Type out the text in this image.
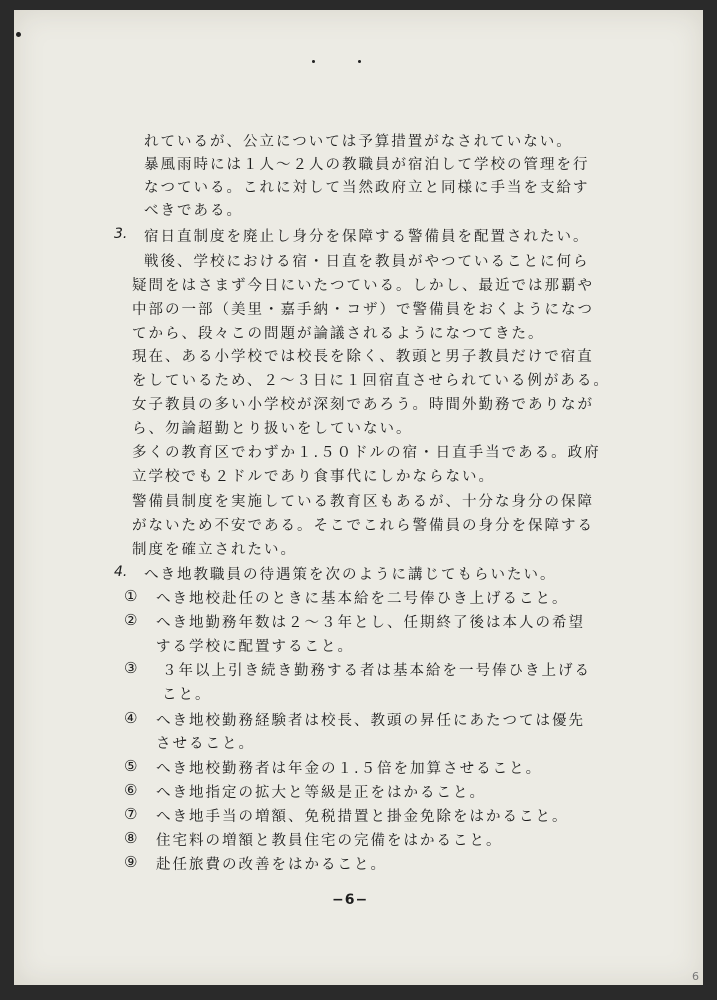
れているが、公立については予算措置がなされていない。
暴風雨時には１人～２人の教職員が宿泊して学校の管理を行
なつている。これに対して当然政府立と同様に手当を支給す
べきである。
3. 宿日直制度を廃止し身分を保障する警備員を配置されたい。
戦後、学校における宿・日直を教員がやつていることに何ら
疑問をはさまず今日にいたつている。しかし、最近では那覇や
中部の一部（美里・嘉手納・コザ）で警備員をおくようになつ
てから、段々この問題が論議されるようになつてきた。
現在、ある小学校では校長を除く、教頭と男子教員だけで宿直
をしているため、２～３日に１回宿直させられている例がある。
女子教員の多い小学校が深刻であろう。時間外勤務でありなが
ら、勿論超勤とり扱いをしていない。
多くの教育区でわずか１.５０ドルの宿・日直手当である。政府
立学校でも２ドルであり食事代にしかならない。
警備員制度を実施している教育区もあるが、十分な身分の保障
がないため不安である。そこでこれら警備員の身分を保障する
制度を確立されたい。
4. へき地教職員の待遇策を次のように講じてもらいたい。
① へき地校赴任のときに基本給を二号俸ひき上げること。
② へき地勤務年数は２～３年とし、任期終了後は本人の希望
する学校に配置すること。
③ ３年以上引き続き勤務する者は基本給を一号俸ひき上げる
こと。
④ へき地校勤務経験者は校長、教頭の昇任にあたつては優先
させること。
⑤ へき地校勤務者は年金の１.５倍を加算させること。
⑥ へき地指定の拡大と等級是正をはかること。
⑦ へき地手当の増額、免税措置と掛金免除をはかること。
⑧ 住宅料の増額と教員住宅の完備をはかること。
⑨ 赴任旅費の改善をはかること。
−6−
6
